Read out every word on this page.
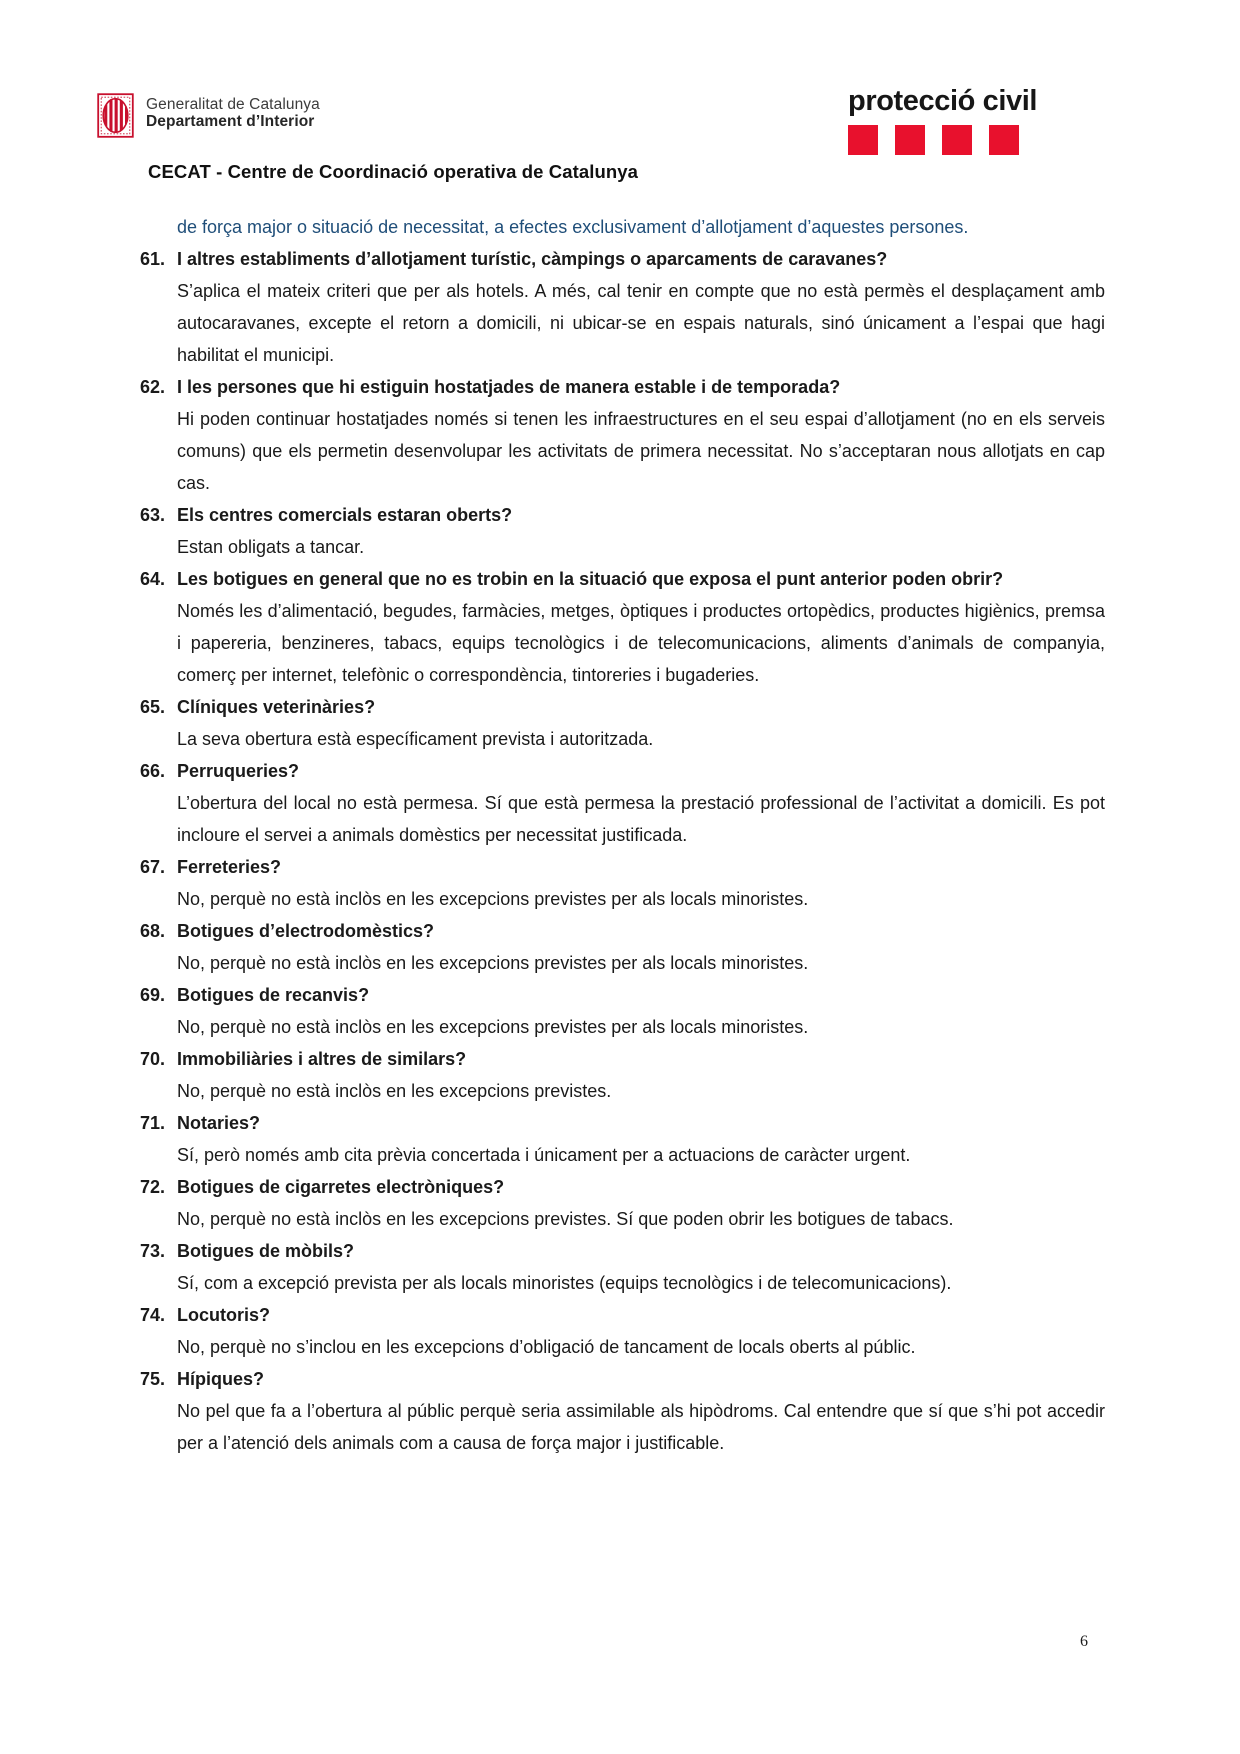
Generalitat de Catalunya
Departament d’Interior
CECAT - Centre de Coordinació operativa de Catalunya
protecció civil

de força major o situació de necessitat, a efectes exclusivament d’allotjament d’aquestes persones.

61. I altres establiments d’allotjament turístic, càmpings o aparcaments de caravanes?

S’aplica el mateix criteri que per als hotels. A més, cal tenir en compte que no està permès el desplaçament amb autocaravanes, excepte el retorn a domicili, ni ubicar-se en espais naturals, sinó únicament a l’espai que hagi habilitat el municipi.

62. I les persones que hi estiguin hostatjades de manera estable i de temporada?

Hi poden continuar hostatjades només si tenen les infraestructures en el seu espai d’allotjament (no en els serveis comuns) que els permetin desenvolupar les activitats de primera necessitat. No s’acceptaran nous allotjats en cap cas.

63. Els centres comercials estaran oberts?

Estan obligats a tancar.

64. Les botigues en general que no es trobin en la situació que exposa el punt anterior poden obrir?

Només les d’alimentació, begudes, farmàcies, metges, òptiques i productes ortopèdics, productes higiènics, premsa i papereria, benzineres, tabacs, equips tecnològics i de telecomunicacions, aliments d’animals de companyia, comerç per internet, telefònic o correspondència, tintoreries i bugaderies.

65. Clíniques veterinàries?

La seva obertura està específicament prevista i autoritzada.

66. Perruqueries?

L’obertura del local no està permesa. Sí que està permesa la prestació professional de l’activitat a domicili. Es pot incloure el servei a animals domèstics per necessitat justificada.

67. Ferreteries?

No, perquè no està inclòs en les excepcions previstes per als locals minoristes.

68. Botigues d’electrodomèstics?

No, perquè no està inclòs en les excepcions previstes per als locals minoristes.

69. Botigues de recanvis?

No, perquè no està inclòs en les excepcions previstes per als locals minoristes.

70. Immobiliàries i altres de similars?

No, perquè no està inclòs en les excepcions previstes.

71. Notaries?

Sí, però només amb cita prèvia concertada i únicament per a actuacions de caràcter urgent.

72. Botigues de cigarretes electròniques?

No, perquè no està inclòs en les excepcions previstes. Sí que poden obrir les botigues de tabacs.

73. Botigues de mòbils?

Sí, com a excepció prevista per als locals minoristes (equips tecnològics i de telecomunicacions).

74. Locutoris?

No, perquè no s’inclou en les excepcions d’obligació de tancament de locals oberts al públic.

75. Hípiques?

No pel que fa a l’obertura al públic perquè seria assimilable als hipòdroms. Cal entendre que sí que s’hi pot accedir per a l’atenció dels animals com a causa de força major i justificable.

6
